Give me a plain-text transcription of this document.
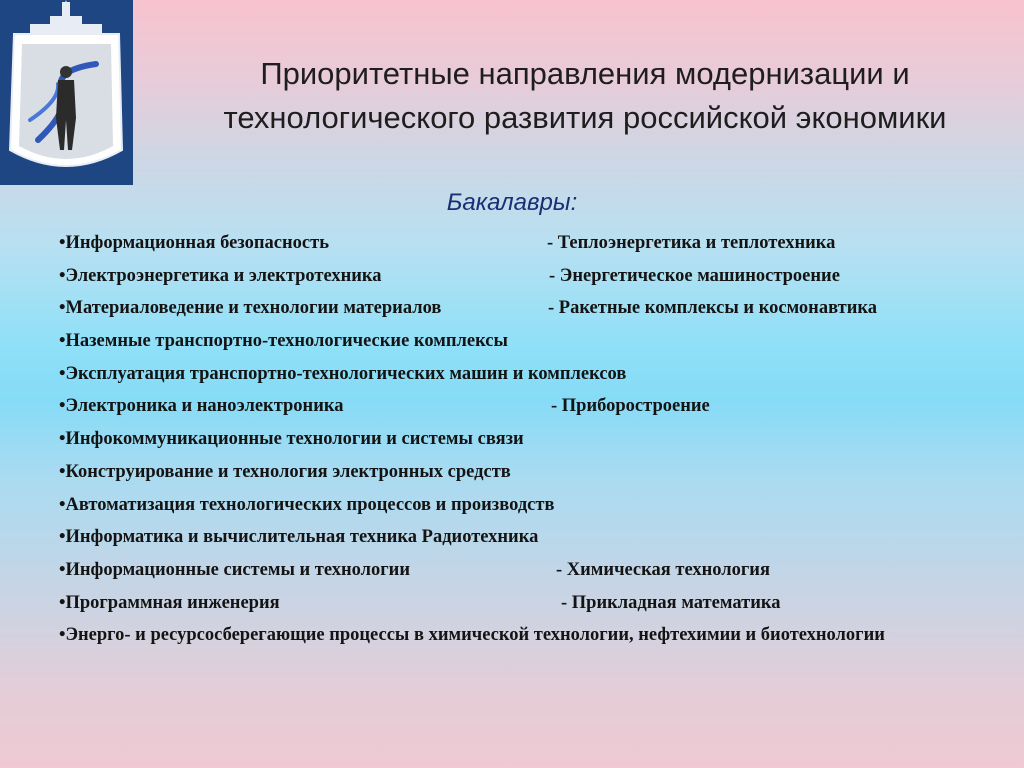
Приоритетные направления модернизации и
технологического развития российской экономики
Бакалавры:
•Информационная безопасность	- Теплоэнергетика и теплотехника
•Электроэнергетика и электротехника	- Энергетическое машиностроение
•Материаловедение и технологии материалов	- Ракетные комплексы и космонавтика
•Наземные транспортно-технологические комплексы
•Эксплуатация транспортно-технологических машин и комплексов
•Электроника и наноэлектроника	- Приборостроение
•Инфокоммуникационные технологии и системы связи
•Конструирование и технология электронных средств
•Автоматизация технологических процессов и производств
•Информатика и вычислительная техника Радиотехника
•Информационные системы и технологии	- Химическая технология
•Программная инженерия	- Прикладная математика
•Энерго- и ресурсосберегающие процессы в химической технологии, нефтехимии и биотехнологии
